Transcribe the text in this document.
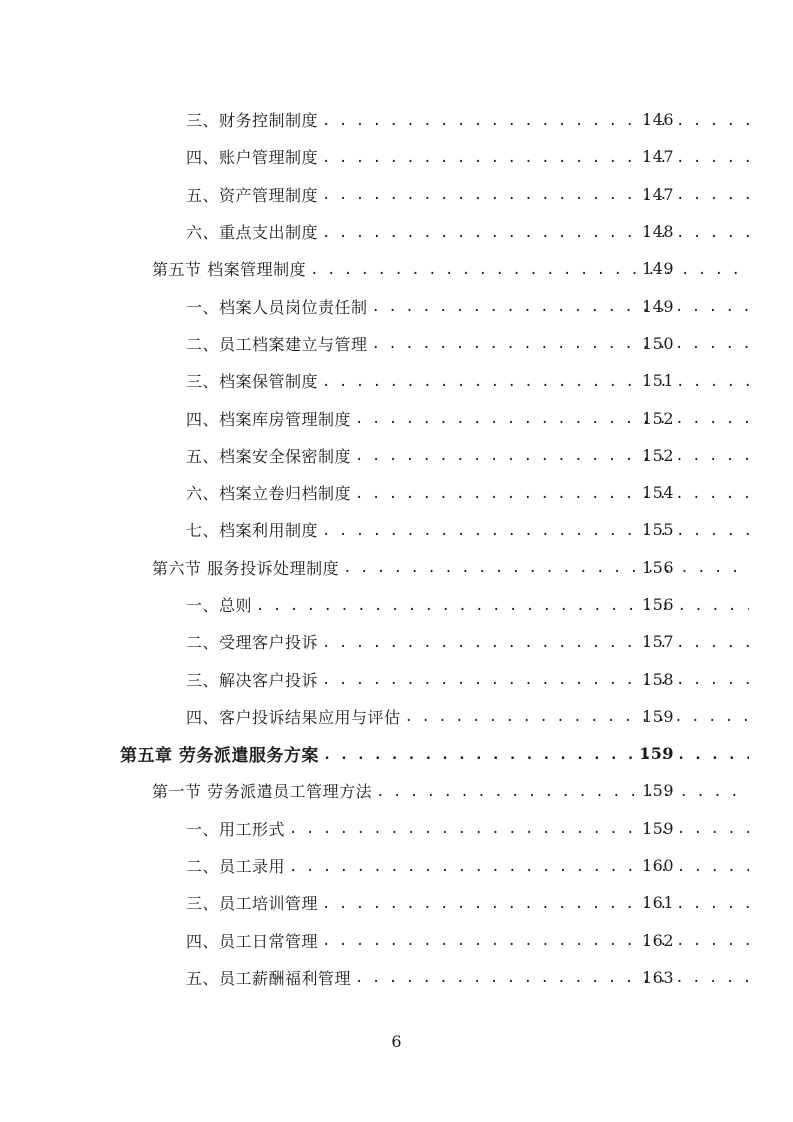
三、财务控制制度 . . .	146
四、账户管理制度 . . .	147
五、资产管理制度 . . .	147
六、重点支出制度 . . .	148
第五节 档案管理制度 . . .	149
一、档案人员岗位责任制 . . .	149
二、员工档案建立与管理 . . .	150
三、档案保管制度 . . .	151
四、档案库房管理制度 . . .	152
五、档案安全保密制度 . . .	152
六、档案立卷归档制度 . . .	154
七、档案利用制度 . . .	155
第六节 服务投诉处理制度 . . .	156
一、总则 . . .	156
二、受理客户投诉 . . .	157
三、解决客户投诉 . . .	158
四、客户投诉结果应用与评估 . . .	159
第五章 劳务派遣服务方案 . . .	159
第一节 劳务派遣员工管理方法 . . .	159
一、用工形式 . . .	159
二、员工录用 . . .	160
三、员工培训管理 . . .	161
四、员工日常管理 . . .	162
五、员工薪酬福利管理 . . .	163
6
